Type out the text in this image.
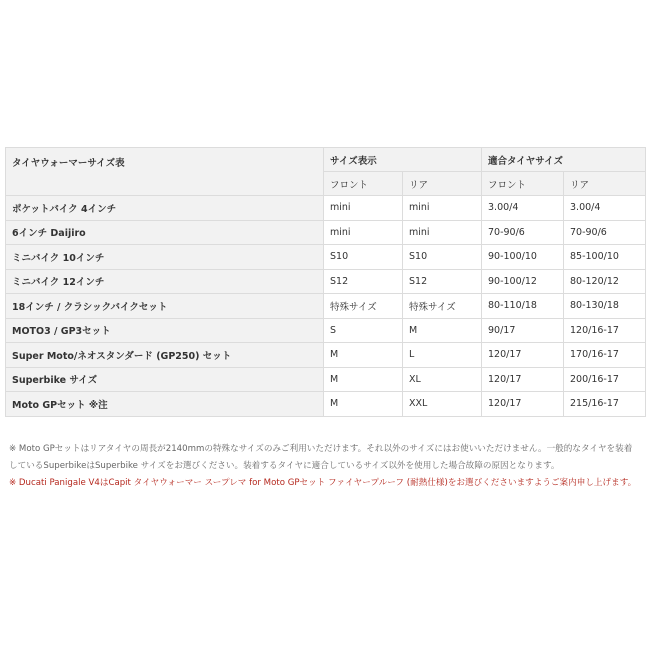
タイヤウォーマーサイズ表	サイズ表示		適合タイヤサイズ	
	フロント	リア	フロント	リア
ポケットバイク 4インチ	mini	mini	3.00/4	3.00/4
6インチ Daijiro	mini	mini	70-90/6	70-90/6
ミニバイク 10インチ	S10	S10	90-100/10	85-100/10
ミニバイク 12インチ	S12	S12	90-100/12	80-120/12
18インチ / クラシックバイクセット	特殊サイズ	特殊サイズ	80-110/18	80-130/18
MOTO3 / GP3セット	S	M	90/17	120/16-17
Super Moto/ネオスタンダード (GP250) セット	M	L	120/17	170/16-17
Superbike サイズ	M	XL	120/17	200/16-17
Moto GPセット ※注	M	XXL	120/17	215/16-17
※ Moto GPセットはリアタイヤの周長が2140mmの特殊なサイズのみご利用いただけます。それ以外のサイズにはお使いいただけません。一般的なタイヤを装着しているSuperbikeはSuperbike サイズをお選びください。装着するタイヤに適合しているサイズ以外を使用した場合故障の原因となります。
※ Ducati Panigale V4はCapit タイヤウォーマー スープレマ for Moto GPセット ファイヤープルーフ (耐熱仕様)をお選びくださいますようご案内申し上げます。
